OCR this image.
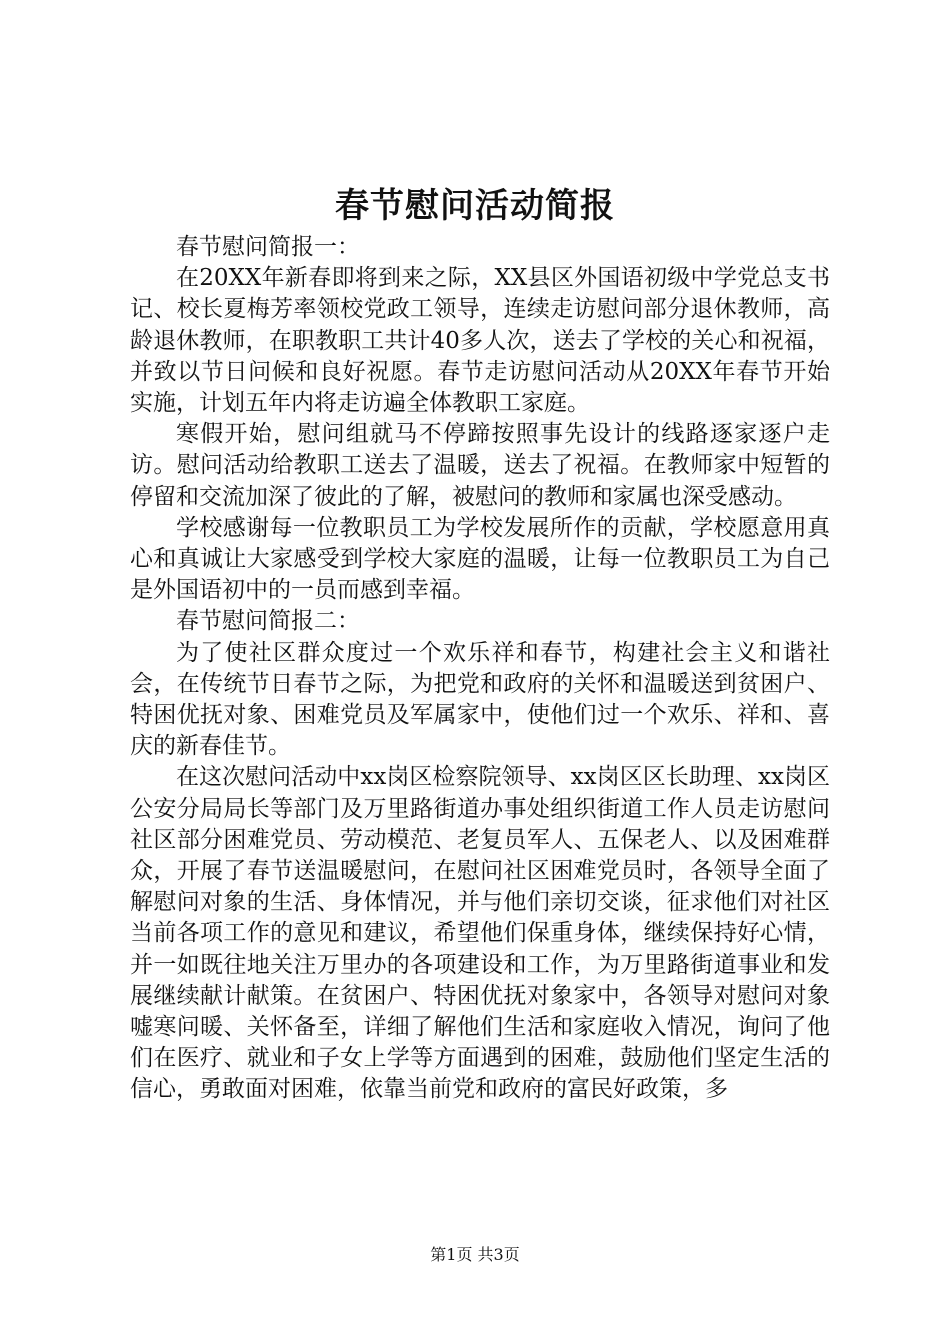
春节慰问活动简报

春节慰问简报一：

在20XX年新春即将到来之际，XX县区外国语初级中学党总支书记、校长夏梅芳率领校党政工领导，连续走访慰问部分退休教师，高龄退休教师，在职教职工共计40多人次，送去了学校的关心和祝福，并致以节日问候和良好祝愿。春节走访慰问活动从20XX年春节开始实施，计划五年内将走访遍全体教职工家庭。

寒假开始，慰问组就马不停蹄按照事先设计的线路逐家逐户走访。慰问活动给教职工送去了温暖，送去了祝福。在教师家中短暂的停留和交流加深了彼此的了解，被慰问的教师和家属也深受感动。

学校感谢每一位教职员工为学校发展所作的贡献，学校愿意用真心和真诚让大家感受到学校大家庭的温暖，让每一位教职员工为自己是外国语初中的一员而感到幸福。

春节慰问简报二：

为了使社区群众度过一个欢乐祥和春节，构建社会主义和谐社会，在传统节日春节之际，为把党和政府的关怀和温暖送到贫困户、特困优抚对象、困难党员及军属家中，使他们过一个欢乐、祥和、喜庆的新春佳节。

在这次慰问活动中xx岗区检察院领导、xx岗区区长助理、xx岗区公安分局局长等部门及万里路街道办事处组织街道工作人员走访慰问社区部分困难党员、劳动模范、老复员军人、五保老人、以及困难群众，开展了春节送温暖慰问，在慰问社区困难党员时，各领导全面了解慰问对象的生活、身体情况，并与他们亲切交谈，征求他们对社区当前各项工作的意见和建议，希望他们保重身体，继续保持好心情，并一如既往地关注万里办的各项建设和工作，为万里路街道事业和发展继续献计献策。在贫困户、特困优抚对象家中，各领导对慰问对象嘘寒问暖、关怀备至，详细了解他们生活和家庭收入情况，询问了他们在医疗、就业和子女上学等方面遇到的困难，鼓励他们坚定生活的信心，勇敢面对困难，依靠当前党和政府的富民好政策，多

第1页 共3页
